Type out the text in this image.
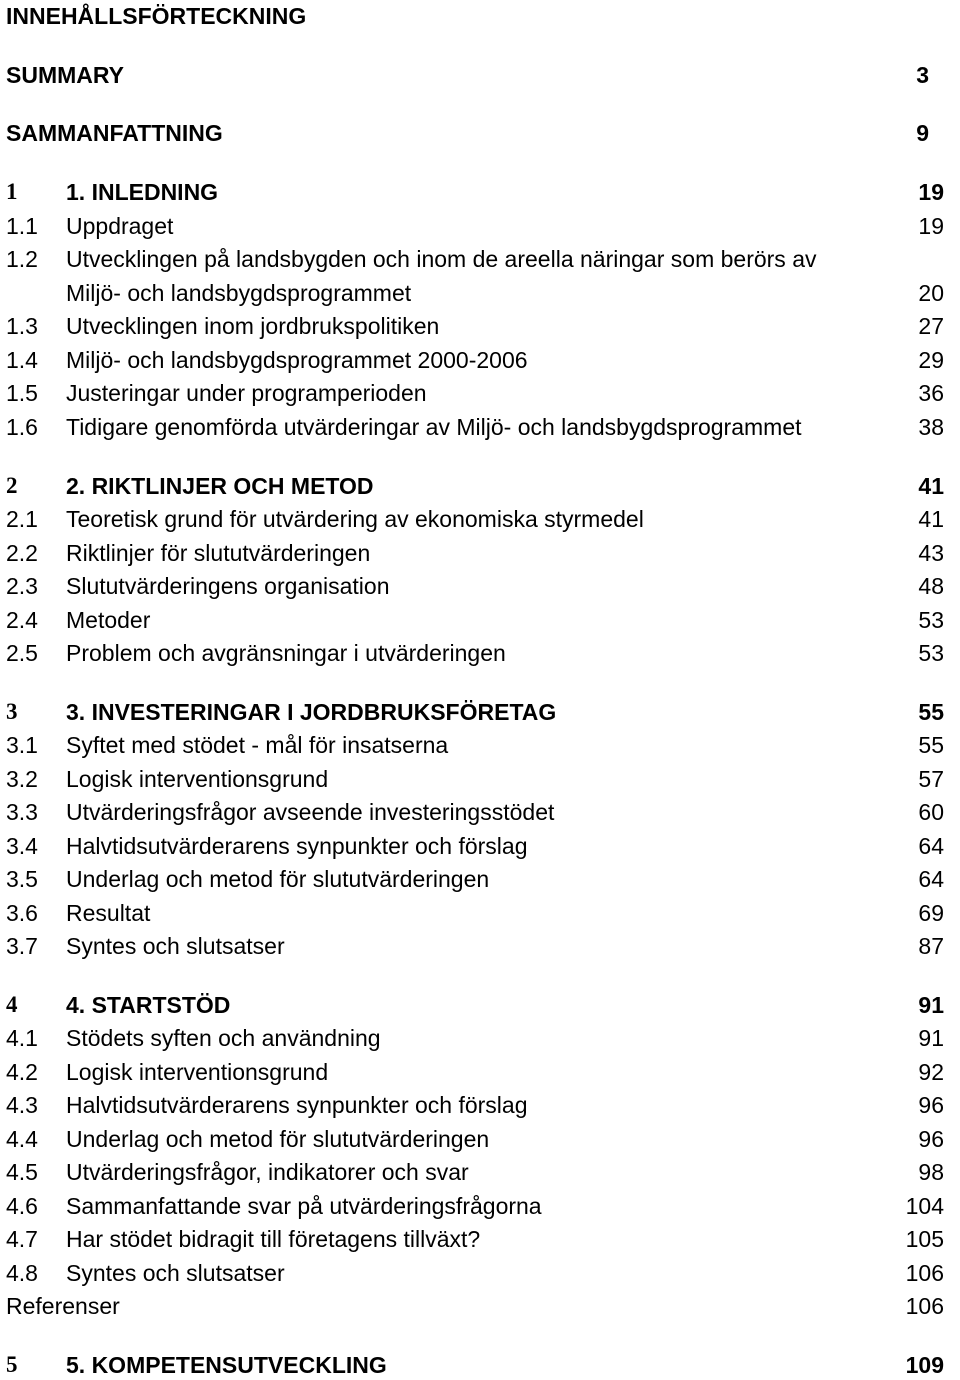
INNEHÅLLSFÖRTECKNING
SUMMARY	3
SAMMANFATTNING	9
1 1. INLEDNING	19
1.1 Uppdraget	19
1.2 Utvecklingen på landsbygden och inom de areella näringar som berörs av
Miljö- och landsbygdsprogrammet	20
1.3 Utvecklingen inom jordbrukspolitiken	27
1.4 Miljö- och landsbygdsprogrammet 2000-2006	29
1.5 Justeringar under programperioden	36
1.6 Tidigare genomförda utvärderingar av Miljö- och landsbygdsprogrammet	38
2 2. RIKTLINJER OCH METOD	41
2.1 Teoretisk grund för utvärdering av ekonomiska styrmedel	41
2.2 Riktlinjer för slututvärderingen	43
2.3 Slututvärderingens organisation	48
2.4 Metoder	53
2.5 Problem och avgränsningar i utvärderingen	53
3 3. INVESTERINGAR I JORDBRUKSFÖRETAG	55
3.1 Syftet med stödet - mål för insatserna	55
3.2 Logisk interventionsgrund	57
3.3 Utvärderingsfrågor avseende investeringsstödet	60
3.4 Halvtidsutvärderarens synpunkter och förslag	64
3.5 Underlag och metod för slututvärderingen	64
3.6 Resultat	69
3.7 Syntes och slutsatser	87
4 4. STARTSTÖD	91
4.1 Stödets syften och användning	91
4.2 Logisk interventionsgrund	92
4.3 Halvtidsutvärderarens synpunkter och förslag	96
4.4 Underlag och metod för slututvärderingen	96
4.5 Utvärderingsfrågor, indikatorer och svar	98
4.6 Sammanfattande svar på utvärderingsfrågorna	104
4.7 Har stödet bidragit till företagens tillväxt?	105
4.8 Syntes och slutsatser	106
Referenser	106
5 5. KOMPETENSUTVECKLING	109
